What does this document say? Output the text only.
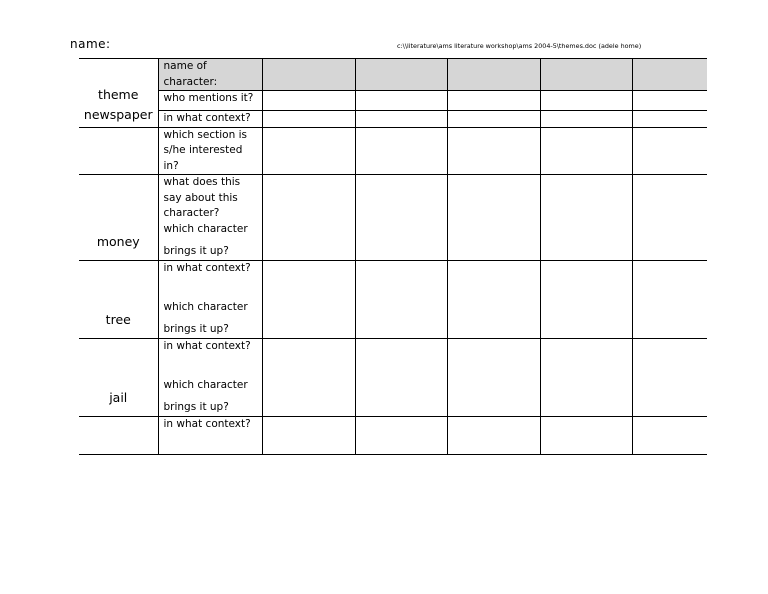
name:	c:\\literature\ams literature workshop\ams 2004-5\themes.doc (adele home)
theme
newspaper	name of
character:					

	who mentions it?					
	in what context?					

	which section is
s/he interested
in?					

money	what does this
say about this
character?
which character
brings it up?					

tree	in what context?
which character
brings it up?					

jail	in what context?
which character
brings it up?					

	in what context?					
